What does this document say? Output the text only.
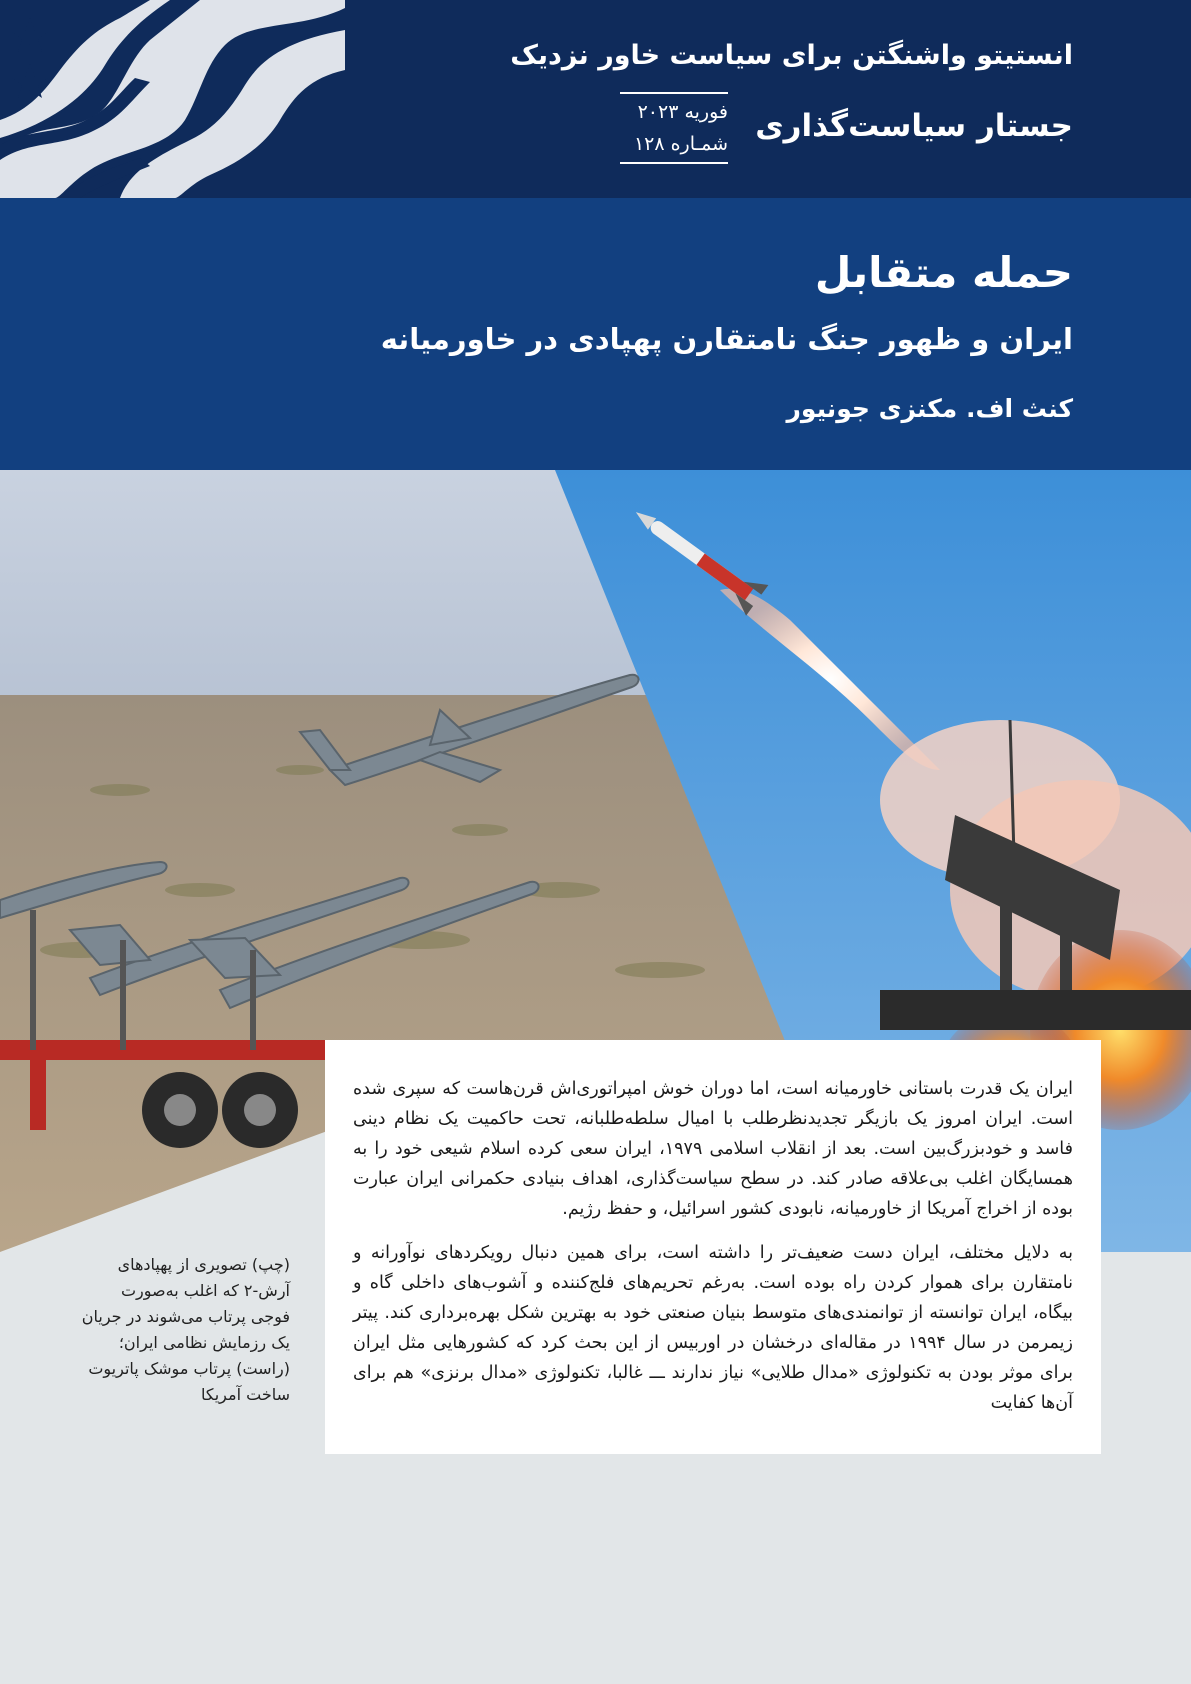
انستیتو واشنگتن برای سیاست خاور نزدیک
جستار سیاست‌گذاری
فوریه ۲۰۲۳
شمـاره ۱۲۸
حمله متقابل
ایران و ظهور جنگ نامتقارن پهپادی در خاورمیانه
کنث اف. مکنزی جونیور
(چپ) تصویری از پهپادهای
آرش-۲ که اغلب به‌صورت
فوجی پرتاب می‌شوند در جریان
یک رزمایش نظامی ایران؛
(راست) پرتاب موشک پاتریوت
ساخت آمریکا

ایران یک قدرت باستانی خاورمیانه است، اما دوران خوش امپراتوری‌اش قرن‌هاست که سپری شده است. ایران امروز یک بازیگر تجدیدنظرطلب با امیال سلطه‌طلبانه، تحت حاکمیت یک نظام دینی فاسد و خودبزرگ‌بین است. بعد از انقلاب اسلامی ۱۹۷۹، ایران سعی کرده اسلام شیعی خود را به همسایگان اغلب بی‌علاقه صادر کند. در سطح سیاست‌گذاری، اهداف بنیادی حکمرانی ایران عبارت بوده از اخراج آمریکا از خاورمیانه، نابودی کشور اسرائیل، و حفظ رژیم.

به دلایل مختلف، ایران دست ضعیف‌تر را داشته است، برای همین دنبال رویکردهای نوآورانه و نامتقارن برای هموار کردن راه بوده است. به‌رغم تحریم‌های فلج‌کننده و آشوب‌های داخلی گاه و بیگاه، ایران توانسته از توانمندی‌های متوسط بنیان صنعتی خود به بهترین شکل بهره‌برداری کند. پیتر زیمرمن در سال ۱۹۹۴ در مقاله‌ای درخشان در اوربیس از این بحث کرد که کشورهایی مثل ایران برای موثر بودن به تکنولوژی «مدال طلایی» نیاز ندارند ـــ غالبا، تکنولوژی «مدال برنزی» هم برای آن‌ها کفایت
